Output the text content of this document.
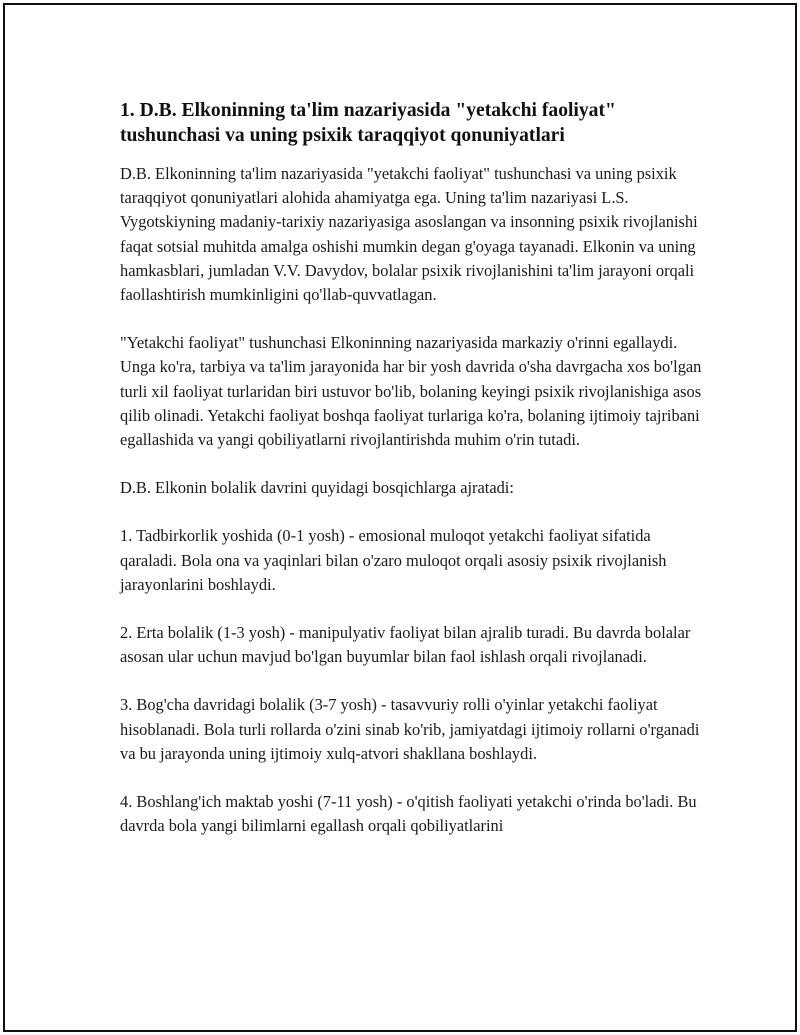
1. D.B. Elkoninning ta'lim nazariyasida "yetakchi faoliyat" tushunchasi va uning psixik taraqqiyot qonuniyatlari

D.B. Elkoninning ta'lim nazariyasida "yetakchi faoliyat" tushunchasi va uning psixik taraqqiyot qonuniyatlari alohida ahamiyatga ega. Uning ta'lim nazariyasi L.S. Vygotskiyning madaniy-tarixiy nazariyasiga asoslangan va insonning psixik rivojlanishi faqat sotsial muhitda amalga oshishi mumkin degan g'oyaga tayanadi. Elkonin va uning hamkasblari, jumladan V.V. Davydov, bolalar psixik rivojlanishini ta'lim jarayoni orqali faollashtirish mumkinligini qo'llab-quvvatlagan.

"Yetakchi faoliyat" tushunchasi Elkoninning nazariyasida markaziy o'rinni egallaydi. Unga ko'ra, tarbiya va ta'lim jarayonida har bir yosh davrida o'sha davrgacha xos bo'lgan turli xil faoliyat turlaridan biri ustuvor bo'lib, bolaning keyingi psixik rivojlanishiga asos qilib olinadi. Yetakchi faoliyat boshqa faoliyat turlariga ko'ra, bolaning ijtimoiy tajribani egallashida va yangi qobiliyatlarni rivojlantirishda muhim o'rin tutadi.

D.B. Elkonin bolalik davrini quyidagi bosqichlarga ajratadi:

1. Tadbirkorlik yoshida (0-1 yosh) - emosional muloqot yetakchi faoliyat sifatida qaraladi. Bola ona va yaqinlari bilan o'zaro muloqot orqali asosiy psixik rivojlanish jarayonlarini boshlaydi.

2. Erta bolalik (1-3 yosh) - manipulyativ faoliyat bilan ajralib turadi. Bu davrda bolalar asosan ular uchun mavjud bo'lgan buyumlar bilan faol ishlash orqali rivojlanadi.

3. Bog'cha davridagi bolalik (3-7 yosh) - tasavvuriy rolli o'yinlar yetakchi faoliyat hisoblanadi. Bola turli rollarda o'zini sinab ko'rib, jamiyatdagi ijtimoiy rollarni o'rganadi va bu jarayonda uning ijtimoiy xulq-atvori shakllana boshlaydi.

4. Boshlang'ich maktab yoshi (7-11 yosh) - o'qitish faoliyati yetakchi o'rinda bo'ladi. Bu davrda bola yangi bilimlarni egallash orqali qobiliyatlarini
